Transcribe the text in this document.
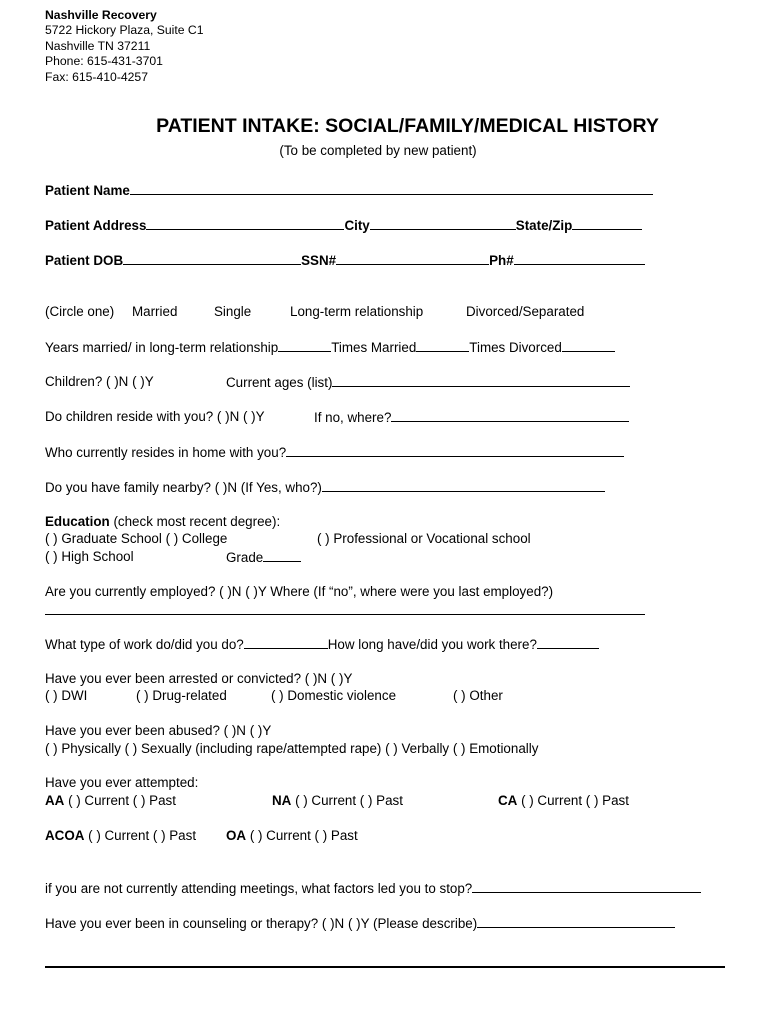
Nashville Recovery
5722 Hickory Plaza, Suite C1
Nashville TN 37211
Phone: 615-431-3701
Fax: 615-410-4257
PATIENT INTAKE: SOCIAL/FAMILY/MEDICAL HISTORY
(To be completed by new patient)
Patient Name
Patient Address	City	State/Zip
Patient DOB	SSN#	Ph#
(Circle one) Married	Single	Long-term relationship	Divorced/Separated
Years married/ in long-term relationship	Times Married	Times Divorced
Children? ( )N ( )Y	Current ages (list)
Do children reside with you? ( )N ( )Y	If no, where?
Who currently resides in home with you?
Do you have family nearby? ( )N (If Yes, who?)
Education (check most recent degree):
( ) Graduate School ( ) College	( ) Professional or Vocational school
( ) High School	Grade
Are you currently employed? ( )N ( )Y Where (If “no”, where were you last employed?)
What type of work do/did you do?	How long have/did you work there?
Have you ever been arrested or convicted? ( )N ( )Y
( ) DWI	( ) Drug-related	( ) Domestic violence	( ) Other
Have you ever been abused? ( )N ( )Y
( ) Physically ( ) Sexually (including rape/attempted rape) ( ) Verbally ( ) Emotionally
Have you ever attempted:
AA ( ) Current ( ) Past	NA ( ) Current ( ) Past	CA ( ) Current ( ) Past
ACOA ( ) Current ( ) Past OA ( ) Current ( ) Past
if you are not currently attending meetings, what factors led you to stop?
Have you ever been in counseling or therapy? ( )N ( )Y (Please describe)
